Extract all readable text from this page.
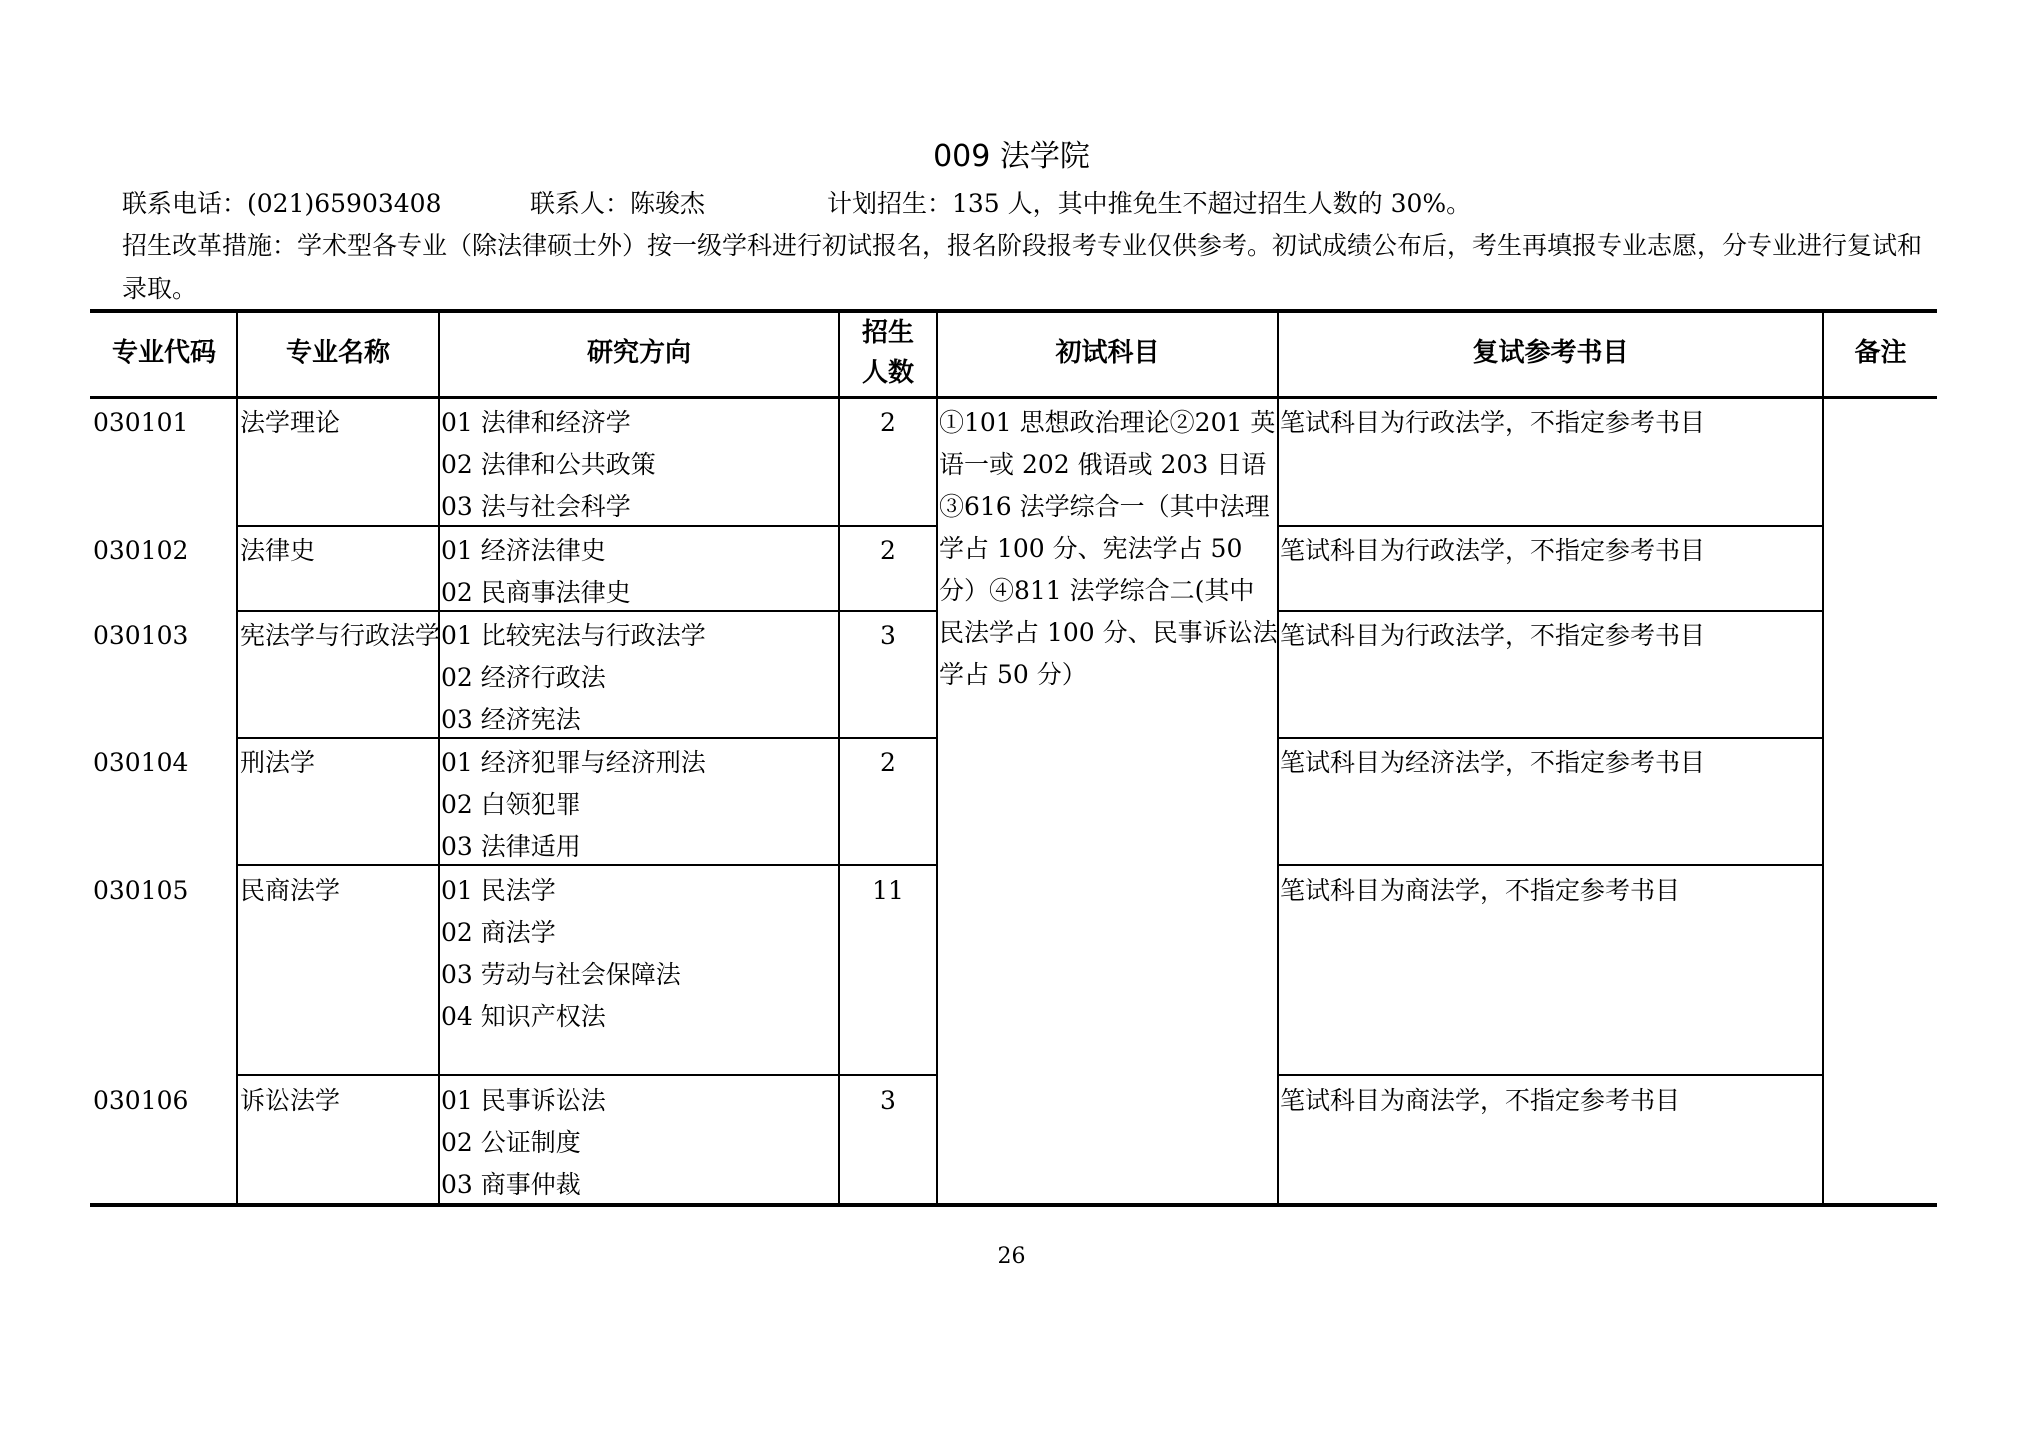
009 法学院
联系电话：(021)65903408	联系人：陈骏杰	计划招生：135 人，其中推免生不超过招生人数的 30%。
招生改革措施：学术型各专业（除法律硕士外）按一级学科进行初试报名，报名阶段报考专业仅供参考。初试成绩公布后，考生再填报专业志愿，分专业进行复试和录取。
专业代码	专业名称	研究方向
招生
人数
初试科目	复试参考书目	备注
①101 思想政治理论②201 英语一或 202 俄语或 203 日语③616 法学综合一（其中法理学占 100 分、宪法学占 50 分）④811 法学综合二(其中民法学占 100 分、民事诉讼法学占 50 分）
030101	法学理论	01 法律和经济学
02 法律和公共政策
03 法与社会科学
2	笔试科目为行政法学，不指定参考书目
030102	法律史	01 经济法律史
02 民商事法律史
2	笔试科目为行政法学，不指定参考书目
030103	宪法学与行政法学 01 比较宪法与行政法学
02 经济行政法
03 经济宪法
3	笔试科目为行政法学，不指定参考书目
030104	刑法学	01 经济犯罪与经济刑法
02 白领犯罪
03 法律适用
2	笔试科目为经济法学，不指定参考书目
030105	民商法学	01 民法学
02 商法学
03 劳动与社会保障法
04 知识产权法
11	笔试科目为商法学，不指定参考书目
030106	诉讼法学	01 民事诉讼法
02 公证制度
03 商事仲裁
3	笔试科目为商法学，不指定参考书目
26
